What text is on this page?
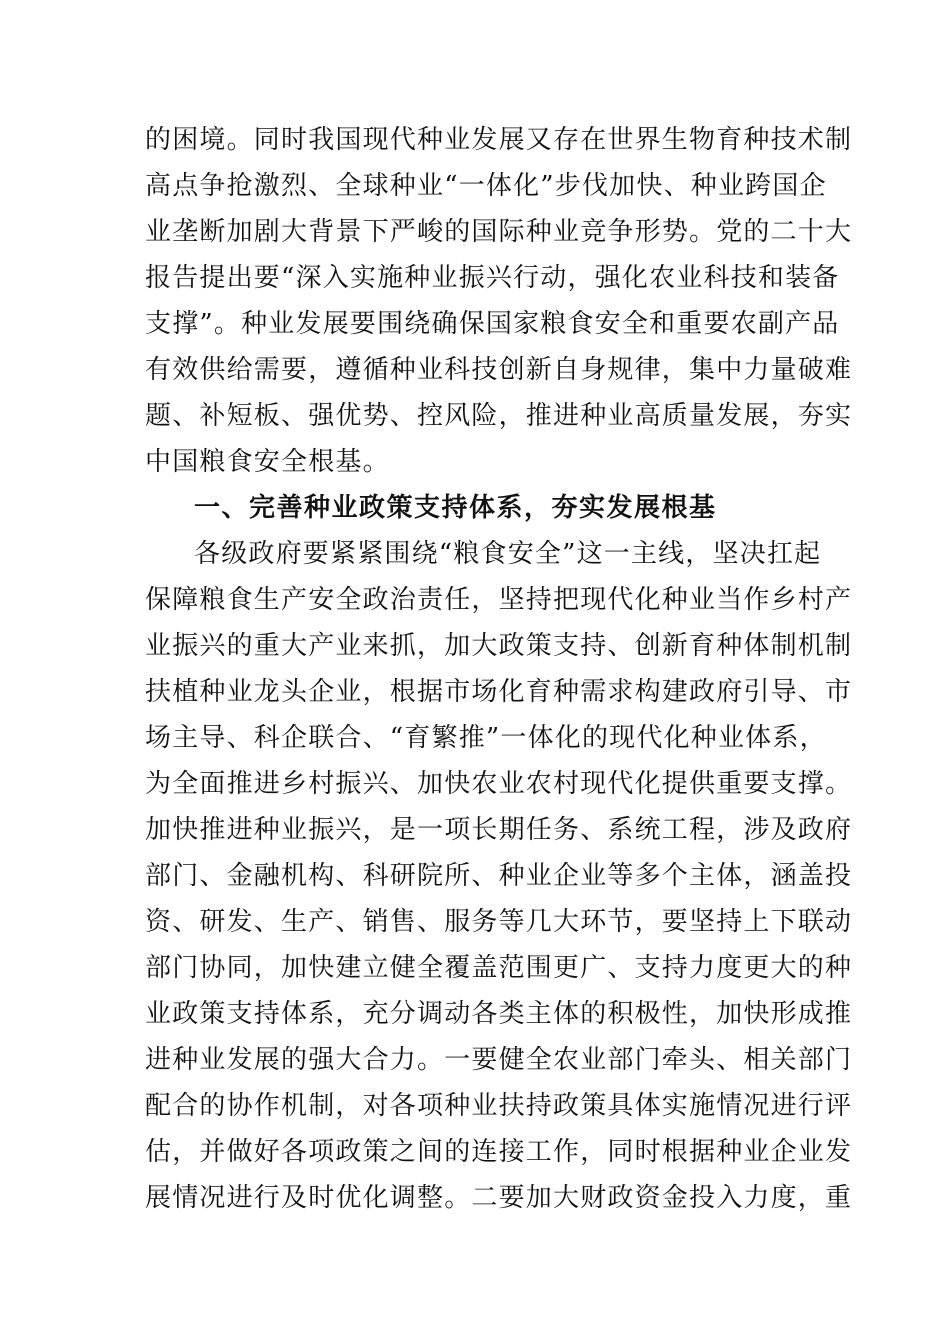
的困境。同时我国现代种业发展又存在世界生物育种技术制
高点争抢激烈、全球种业“一体化”步伐加快、种业跨国企
业垄断加剧大背景下严峻的国际种业竞争形势。党的二十大
报告提出要“深入实施种业振兴行动，强化农业科技和装备
支撑”。种业发展要围绕确保国家粮食安全和重要农副产品
有效供给需要，遵循种业科技创新自身规律，集中力量破难
题、补短板、强优势、控风险，推进种业高质量发展，夯实
中国粮食安全根基。
一、完善种业政策支持体系，夯实发展根基
各级政府要紧紧围绕“粮食安全”这一主线，坚决扛起
保障粮食生产安全政治责任，坚持把现代化种业当作乡村产
业振兴的重大产业来抓，加大政策支持、创新育种体制机制
扶植种业龙头企业，根据市场化育种需求构建政府引导、市
场主导、科企联合、“育繁推”一体化的现代化种业体系，
为全面推进乡村振兴、加快农业农村现代化提供重要支撑。
加快推进种业振兴，是一项长期任务、系统工程，涉及政府
部门、金融机构、科研院所、种业企业等多个主体，涵盖投
资、研发、生产、销售、服务等几大环节，要坚持上下联动
部门协同，加快建立健全覆盖范围更广、支持力度更大的种
业政策支持体系，充分调动各类主体的积极性，加快形成推
进种业发展的强大合力。一要健全农业部门牵头、相关部门
配合的协作机制，对各项种业扶持政策具体实施情况进行评
估，并做好各项政策之间的连接工作，同时根据种业企业发
展情况进行及时优化调整。二要加大财政资金投入力度，重
